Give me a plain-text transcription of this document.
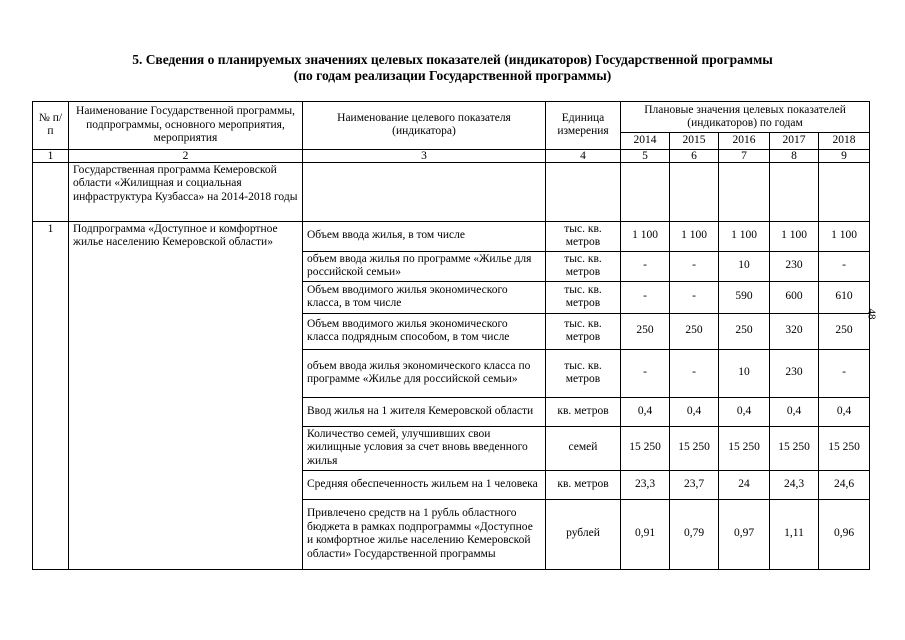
5. Сведения о планируемых значениях целевых показателей (индикаторов) Государственной программы
(по годам реализации Государственной программы)
48
№ п/п	Наименование Государственной программы, подпрограммы, основного мероприятия, мероприятия	Наименование целевого показателя (индикатора)	Единица измерения	Плановые значения целевых показателей (индикаторов) по годам				
				2014	2015	2016	2017	2018
1	2	3	4	5	6	7	8	9
	Государственная программа Кемеровской области «Жилищная и социальная инфраструктура Кузбасса» на 2014-2018 годы							
1	Подпрограмма «Доступное и комфортное жилье населению Кемеровской области»	Объем ввода жилья, в том числе	тыс. кв. метров	1 100	1 100	1 100	1 100	1 100
		объем ввода жилья по программе «Жилье для российской семьи»	тыс. кв. метров	-	-	10	230	-
		Объем вводимого жилья экономического класса, в том числе	тыс. кв. метров	-	-	590	600	610
		Объем вводимого жилья экономического класса подрядным способом, в том числе	тыс. кв. метров	250	250	250	320	250
		объем ввода жилья экономического класса по программе «Жилье для российской семьи»	тыс. кв. метров	-	-	10	230	-
		Ввод жилья на 1 жителя Кемеровской области	кв. метров	0,4	0,4	0,4	0,4	0,4
		Количество семей, улучшивших свои жилищные условия за счет вновь введенного жилья	семей	15 250	15 250	15 250	15 250	15 250
		Средняя обеспеченность жильем на 1 человека	кв. метров	23,3	23,7	24	24,3	24,6
		Привлечено средств на 1 рубль областного бюджета в рамках подпрограммы «Доступное и комфортное жилье населению Кемеровской области» Государственной программы	рублей	0,91	0,79	0,97	1,11	0,96
